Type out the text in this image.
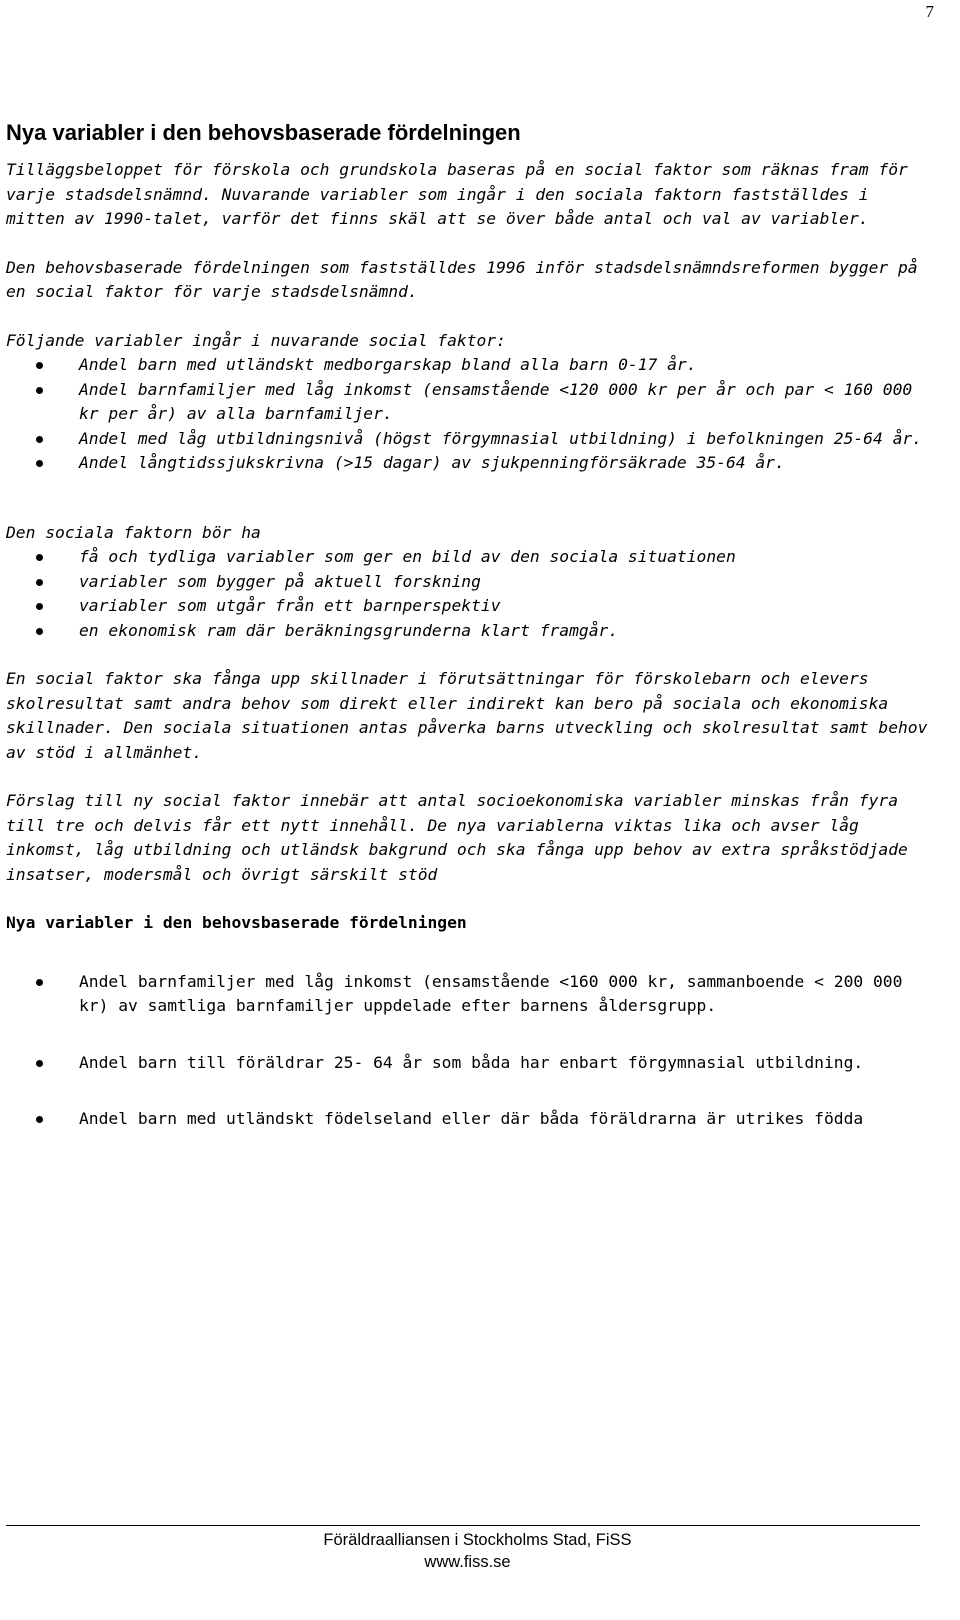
7
Nya variabler i den behovsbaserade fördelningen

Tilläggsbeloppet för förskola och grundskola baseras på en social faktor som räknas fram för varje stadsdelsnämnd. Nuvarande variabler som ingår i den sociala faktorn fastställdes i mitten av 1990-talet, varför det finns skäl att se över både antal och val av variabler.

Den behovsbaserade fördelningen som fastställdes 1996 inför stadsdelsnämndsreformen bygger på en social faktor för varje stadsdelsnämnd.

Följande variabler ingår i nuvarande social faktor:

Andel barn med utländskt medborgarskap bland alla barn 0-17 år.
Andel barnfamiljer med låg inkomst (ensamstående <120 000 kr per år och par < 160 000 kr per år) av alla barnfamiljer.
Andel med låg utbildningsnivå (högst förgymnasial utbildning) i befolkningen 25-64 år.
Andel långtidssjukskrivna (>15 dagar) av sjukpenningförsäkrade 35-64 år.

Den sociala faktorn bör ha

få och tydliga variabler som ger en bild av den sociala situationen
variabler som bygger på aktuell forskning
variabler som utgår från ett barnperspektiv
en ekonomisk ram där beräkningsgrunderna klart framgår.

En social faktor ska fånga upp skillnader i förutsättningar för förskolebarn och elevers skolresultat samt andra behov som direkt eller indirekt kan bero på sociala och ekonomiska skillnader. Den sociala situationen antas påverka barns utveckling och skolresultat samt behov av stöd i allmänhet.

Förslag till ny social faktor innebär att antal socioekonomiska variabler minskas från fyra till tre och delvis får ett nytt innehåll. De nya variablerna viktas lika och avser låg inkomst, låg utbildning och utländsk bakgrund och ska fånga upp behov av extra språkstödjade insatser, modersmål och övrigt särskilt stöd

Nya variabler i den behovsbaserade fördelningen

Andel barnfamiljer med låg inkomst (ensamstående <160 000 kr, sammanboende < 200 000 kr) av samtliga barnfamiljer uppdelade efter barnens åldersgrupp.
Andel barn till föräldrar 25- 64 år som båda har enbart förgymnasial utbildning.
Andel barn med utländskt födelseland eller där båda föräldrarna är utrikes födda
Föräldraalliansen i Stockholms Stad, FiSS
www.fiss.se
